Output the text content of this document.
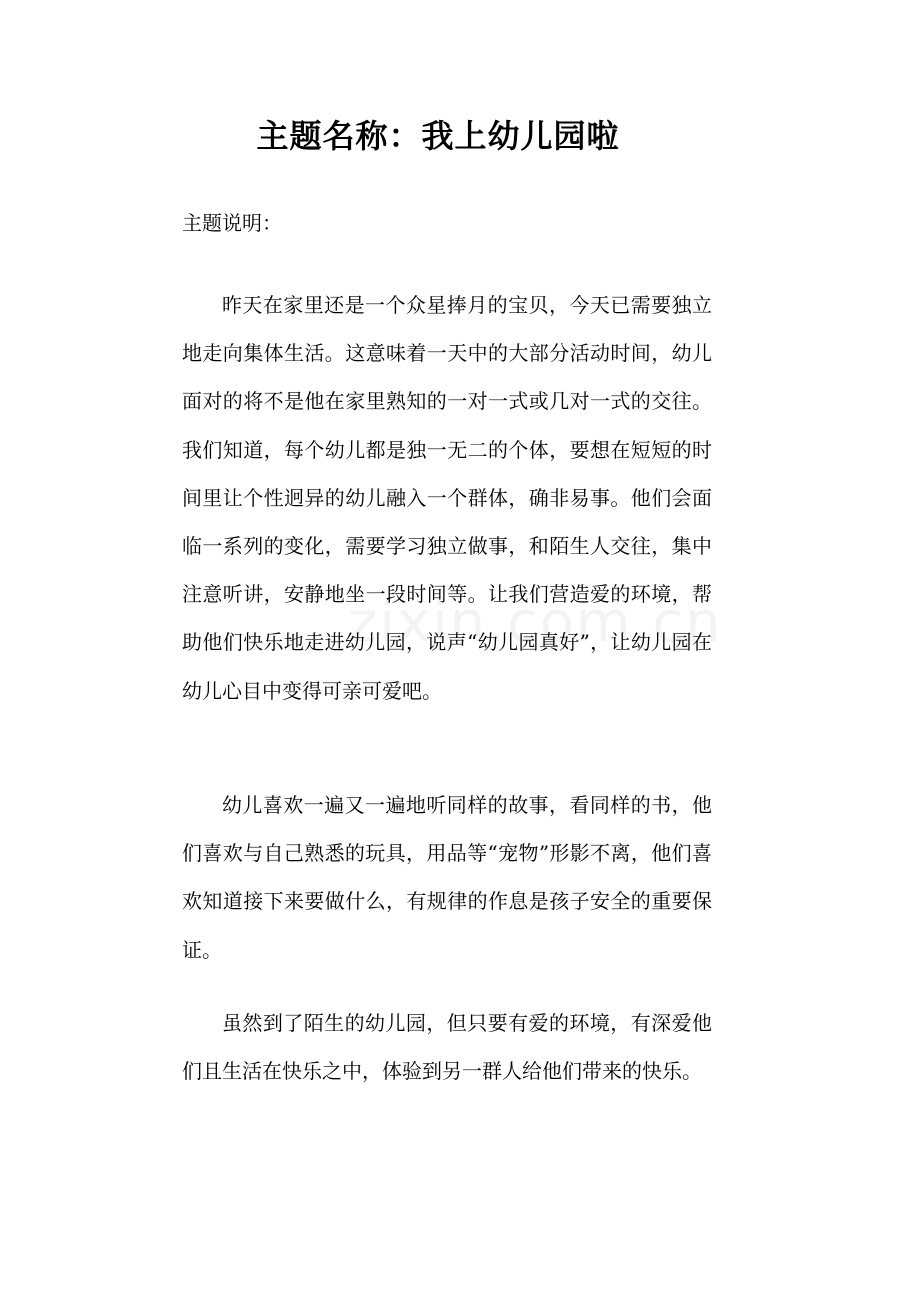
主题名称：我上幼儿园啦

主题说明：

昨天在家里还是一个众星捧月的宝贝，今天已需要独立地走向集体生活。这意味着一天中的大部分活动时间，幼儿面对的将不是他在家里熟知的一对一式或几对一式的交往。我们知道，每个幼儿都是独一无二的个体，要想在短短的时间里让个性迥异的幼儿融入一个群体，确非易事。他们会面临一系列的变化，需要学习独立做事，和陌生人交往，集中注意听讲，安静地坐一段时间等。让我们营造爱的环境，帮助他们快乐地走进幼儿园，说声“幼儿园真好”，让幼儿园在幼儿心目中变得可亲可爱吧。

幼儿喜欢一遍又一遍地听同样的故事，看同样的书，他们喜欢与自己熟悉的玩具，用品等“宠物”形影不离，他们喜欢知道接下来要做什么，有规律的作息是孩子安全的重要保证。

虽然到了陌生的幼儿园，但只要有爱的环境，有深爱他们且生活在快乐之中，体验到另一群人给他们带来的快乐。
